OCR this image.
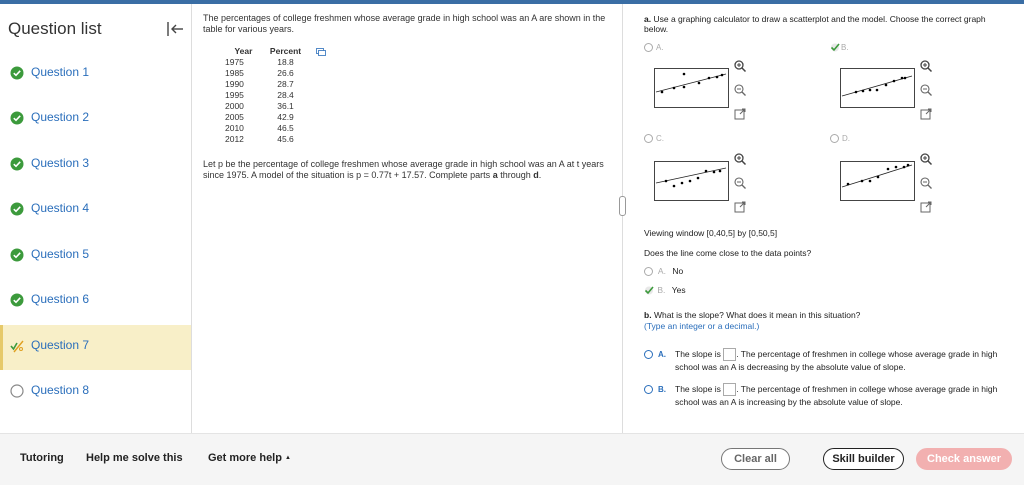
Question list
Question 1
Question 2
Question 3
Question 4
Question 5
Question 6
Question 7
Question 8
The percentages of college freshmen whose average grade in high school was an A are shown in the table for various years.
Year	Percent
1975	18.8
1985	26.6
1990	28.7
1995	28.4
2000	36.1
2005	42.9
2010	46.5
2012	45.6
Let p be the percentage of college freshmen whose average grade in high school was an A at t years since 1975. A model of the situation is p = 0.77t + 17.57. Complete parts a through d.
a. Use a graphing calculator to draw a scatterplot and the model. Choose the correct graph below.
A.	B.
C.	D.
Viewing window [0,40,5] by [0,50,5]
Does the line come close to the data points?
A. No
B. Yes
b. What is the slope? What does it mean in this situation?
(Type an integer or a decimal.)
A. The slope is . The percentage of freshmen in college whose average grade in high school was an A is decreasing by the absolute value of slope.
B. The slope is . The percentage of freshmen in college whose average grade in high school was an A is increasing by the absolute value of slope.
Tutoring Help me solve this Get more help ▲	Clear all	Skill builder	Check answer
